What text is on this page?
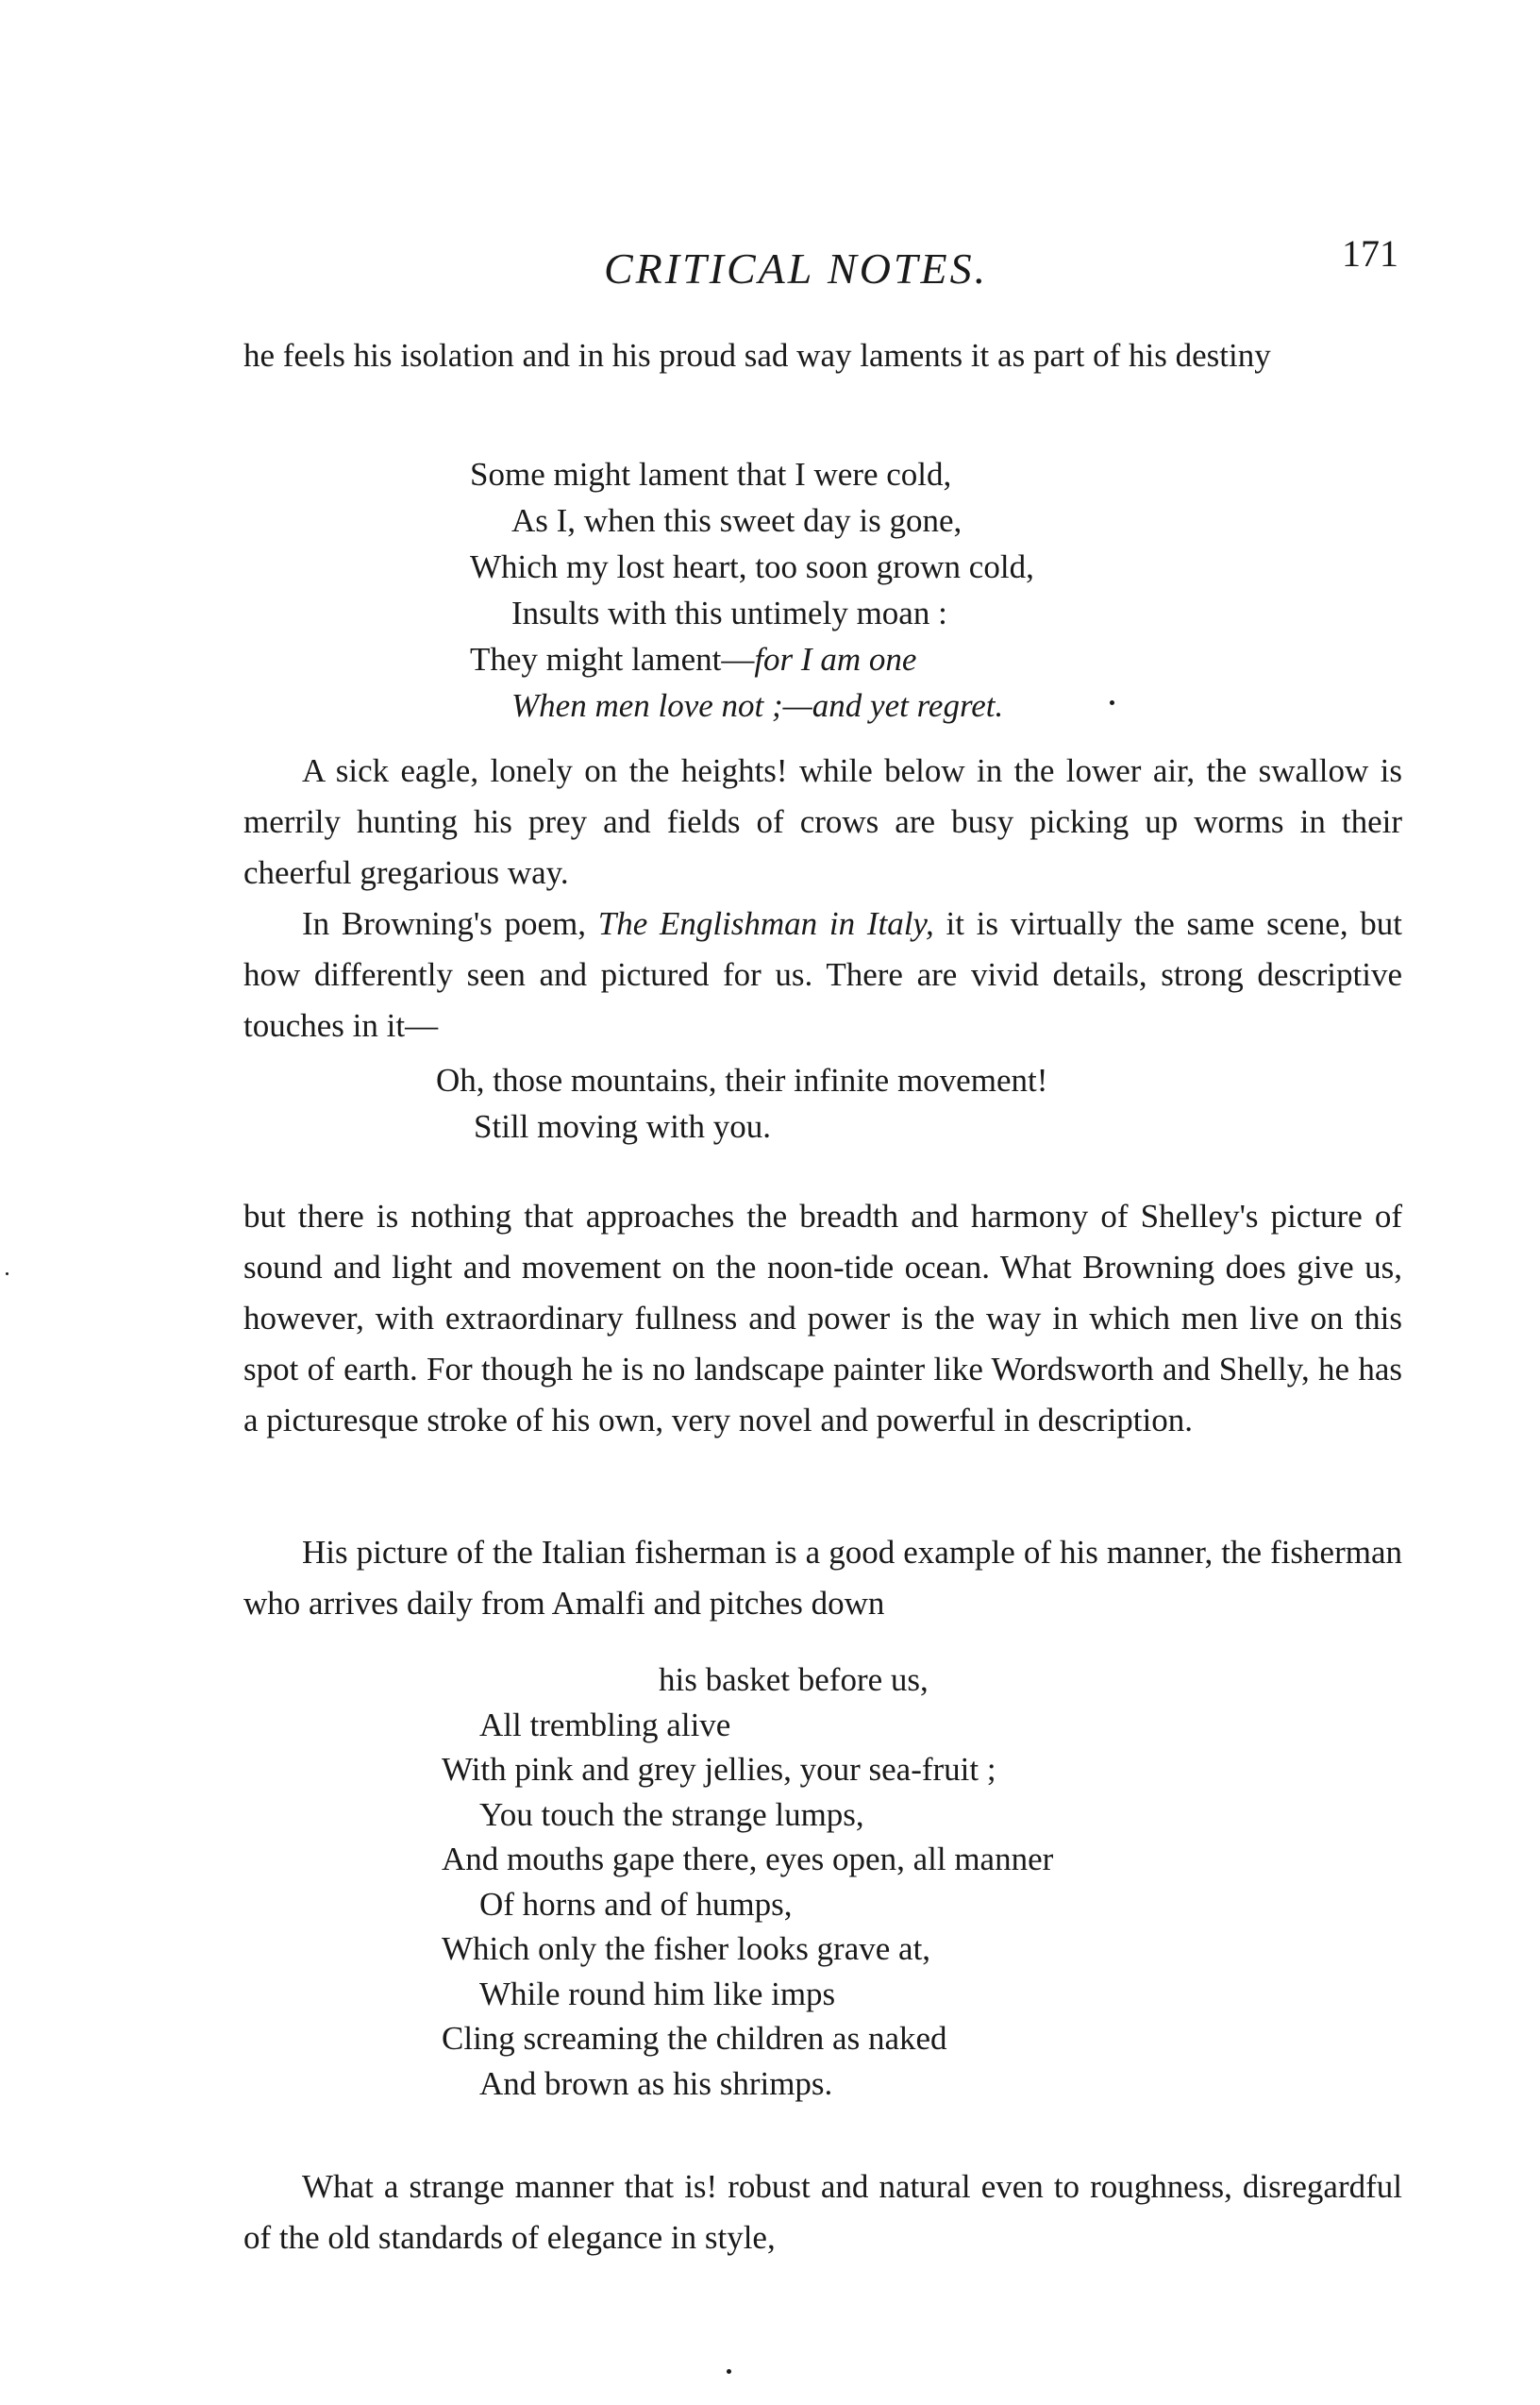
CRITICAL NOTES.	171

he feels his isolation and in his proud sad way laments it as part of his destiny

Some might lament that I were cold,
As I, when this sweet day is gone,
Which my lost heart, too soon grown cold,
Insults with this untimely moan :
They might lament—for I am one
When men love not ;—and yet regret.

A sick eagle, lonely on the heights! while below in the lower air, the swallow is merrily hunting his prey and fields of crows are busy picking up worms in their cheerful gregarious way.

In Browning's poem, The Englishman in Italy, it is virtually the same scene, but how differently seen and pictured for us. There are vivid details, strong descriptive touches in it—

Oh, those mountains, their infinite movement!
Still moving with you.

but there is nothing that approaches the breadth and harmony of Shelley's picture of sound and light and movement on the noon-tide ocean. What Browning does give us, however, with extraordinary fullness and power is the way in which men live on this spot of earth. For though he is no landscape painter like Wordsworth and Shelly, he has a picturesque stroke of his own, very novel and powerful in description.

His picture of the Italian fisherman is a good example of his manner, the fisherman who arrives daily from Amalfi and pitches down

his basket before us,
All trembling alive
With pink and grey jellies, your sea-fruit ;
You touch the strange lumps,
And mouths gape there, eyes open, all manner
Of horns and of humps,
Which only the fisher looks grave at,
While round him like imps
Cling screaming the children as naked
And brown as his shrimps.

What a strange manner that is! robust and natural even to roughness, disregardful of the old standards of elegance in style,
